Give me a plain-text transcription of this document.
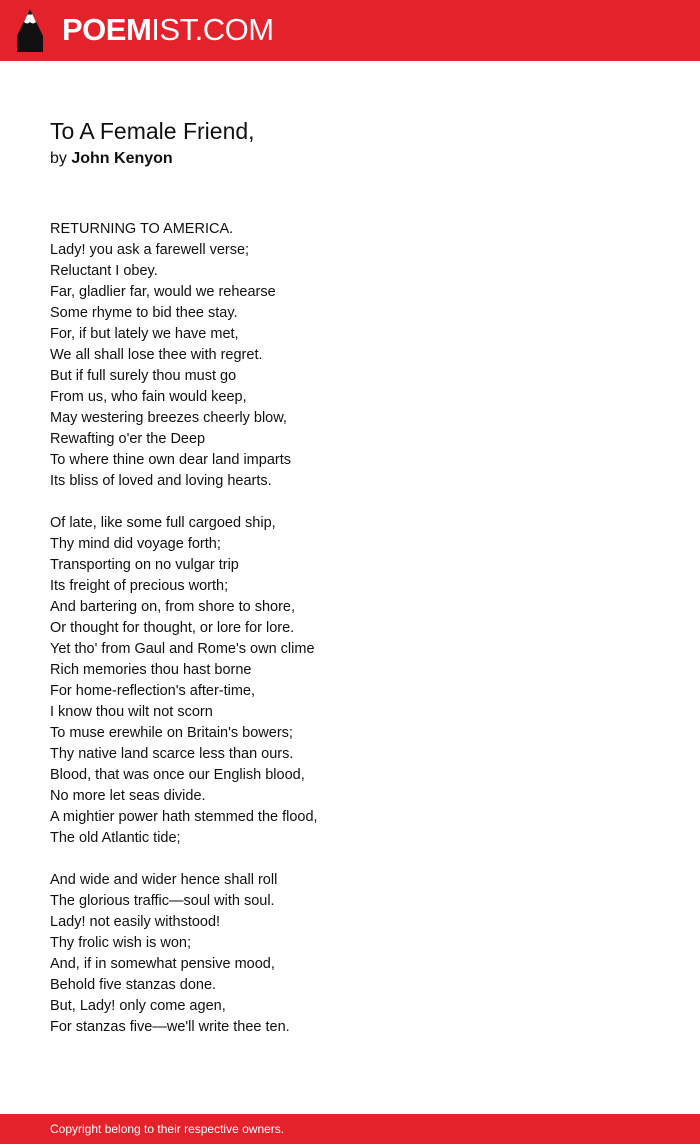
POEMIST.COM
To A Female Friend,
by John Kenyon
RETURNING TO AMERICA.
Lady! you ask a farewell verse;
Reluctant I obey.
Far, gladlier far, would we rehearse
Some rhyme to bid thee stay.
For, if but lately we have met,
We all shall lose thee with regret.
But if full surely thou must go
From us, who fain would keep,
May westering breezes cheerly blow,
Rewafting o'er the Deep
To where thine own dear land imparts
Its bliss of loved and loving hearts.
Of late, like some full cargoed ship,
Thy mind did voyage forth;
Transporting on no vulgar trip
Its freight of precious worth;
And bartering on, from shore to shore,
Or thought for thought, or lore for lore.
Yet tho' from Gaul and Rome's own clime
Rich memories thou hast borne
For home-reflection's after-time,
I know thou wilt not scorn
To muse erewhile on Britain's bowers;
Thy native land scarce less than ours.
Blood, that was once our English blood,
No more let seas divide.
A mightier power hath stemmed the flood,
The old Atlantic tide;
And wide and wider hence shall roll
The glorious traffic—soul with soul.
Lady! not easily withstood!
Thy frolic wish is won;
And, if in somewhat pensive mood,
Behold five stanzas done.
But, Lady! only come agen,
For stanzas five—we'll write thee ten.
Copyright belong to their respective owners.
